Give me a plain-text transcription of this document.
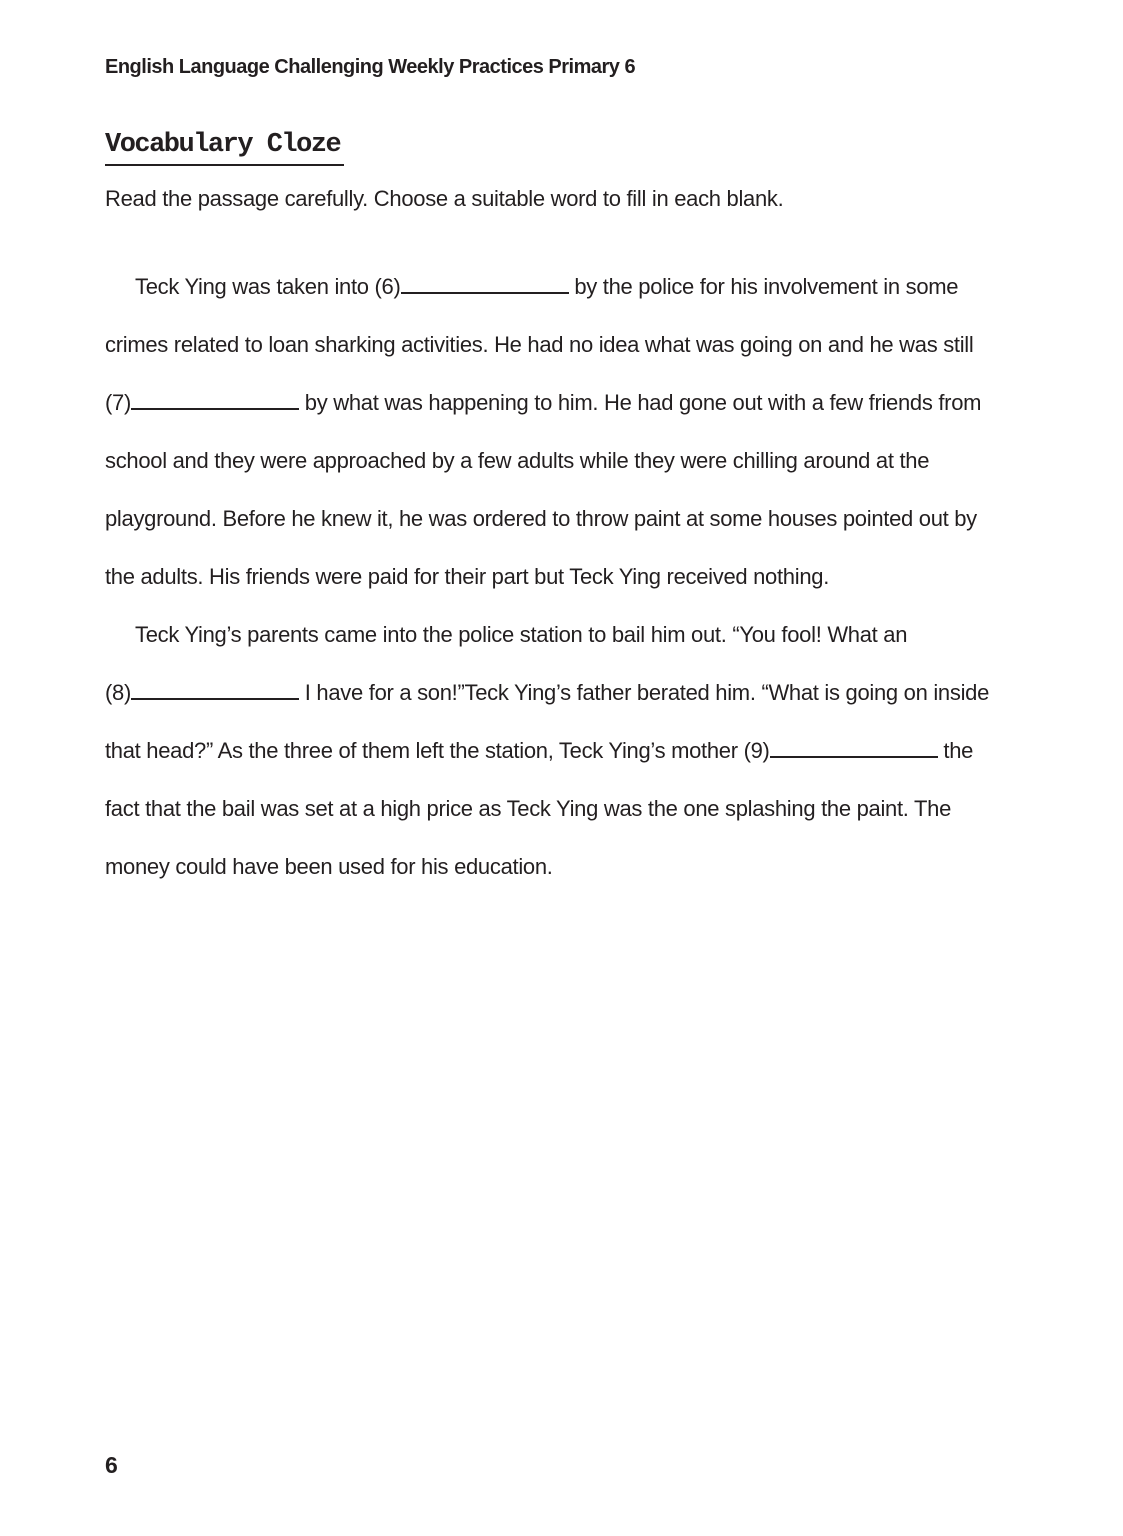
English Language Challenging Weekly Practices Primary 6
Vocabulary Cloze
Read the passage carefully. Choose a suitable word to fill in each blank.

Teck Ying was taken into (6)	by the police for his involvement in some crimes related to loan sharking activities. He had no idea what was going on and he was still (7)	by what was happening to him. He had gone out with a few friends from school and they were approached by a few adults while they were chilling around at the playground. Before he knew it, he was ordered to throw paint at some houses pointed out by the adults. His friends were paid for their part but Teck Ying received nothing.

Teck Ying’s parents came into the police station to bail him out. “You fool! What an (8)	I have for a son!”Teck Ying’s father berated him. “What is going on inside that head?” As the three of them left the station, Teck Ying’s mother (9)	the fact that the bail was set at a high price as Teck Ying was the one splashing the paint. The money could have been used for his education.

6
